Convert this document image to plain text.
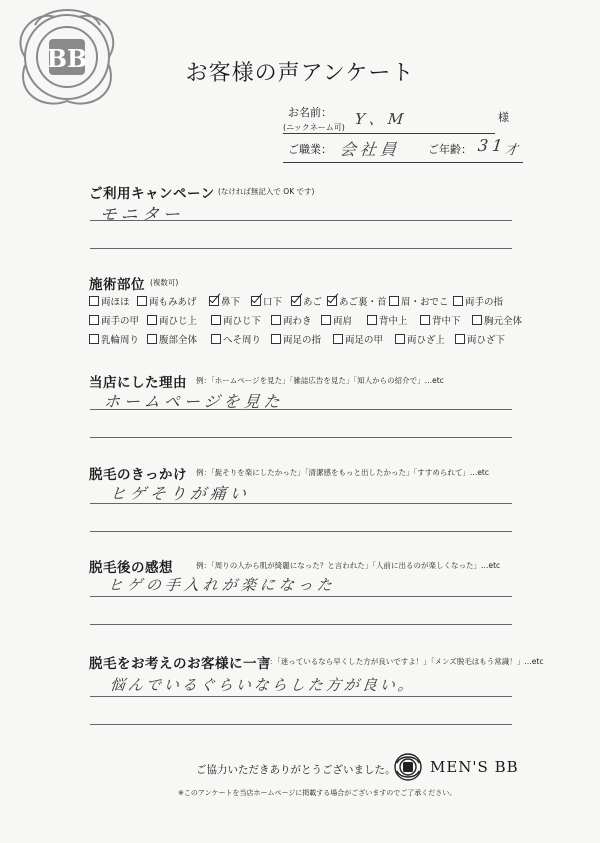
BB
お客様の声アンケート
お名前：
(ニックネーム可) Y、M	様
ご職業： 会社員 ご年齢： 31
才
ご利用キャンペーン (なければ無記入で OK です)
モニター
施術部位 (複数可)
両ほほ 両もみあげ	鼻下 口下 あご あご裏・首 眉・おでこ 両手の指
両手の甲 両ひじ上	両ひじ下 両わき 両肩	背中上	背中下 胸元全体
乳輪周り 腹部全体	へそ周り 両足の指	両足の甲	両ひざ上 両ひざ下
当店にした理由 例：「ホームページを見た」「雑誌広告を見た」「知人からの紹介で」…etc
ホームページを見た
脱毛のきっかけ 例：「髭そりを楽にしたかった」「清潔感をもっと出したかった」「すすめられて」…etc
ヒゲそりが痛い
脱毛後の感想	例：「周りの人から肌が綺麗になった？と言われた」「人前に出るのが楽しくなった」…etc
ヒゲの手入れが楽になった
脱毛をお考えのお客様に一言
例：「迷っているなら早くした方が良いですよ！」「メンズ脱毛はもう常識！」…etc
悩んでいるぐらいならした方が良い。
ご協力いただきありがとうございました。 MEN'S BB
※このアンケートを当店ホームページに掲載する場合がございますのでご了承ください。
